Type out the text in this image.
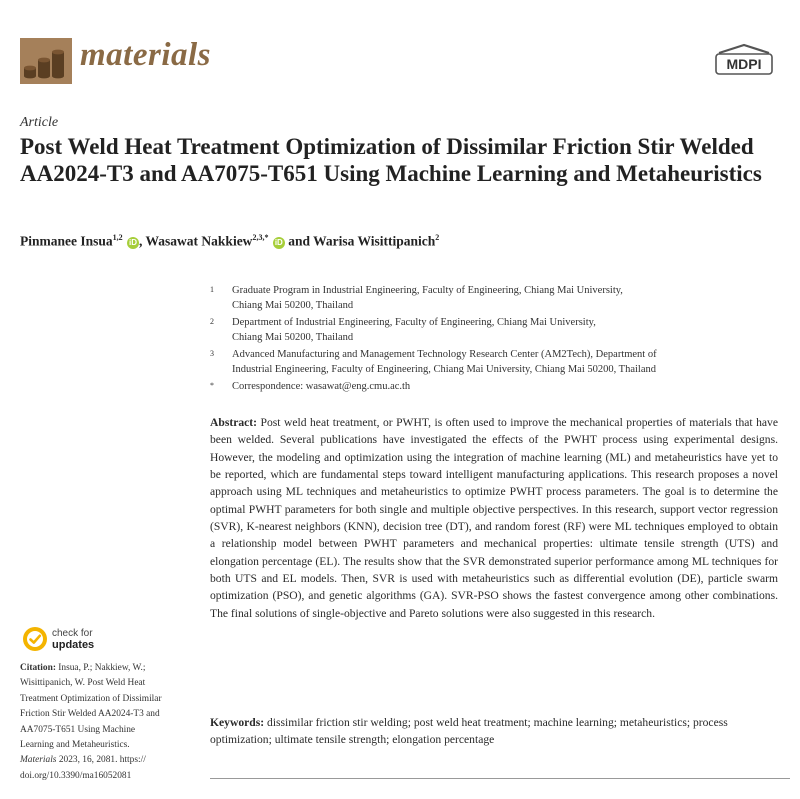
materials	MDPI
Article
Post Weld Heat Treatment Optimization of Dissimilar Friction Stir Welded AA2024-T3 and AA7075-T651 Using Machine Learning and Metaheuristics
Pinmanee Insua$^{1,2}$ iD , Wasawat Nakkiew$^{2,3,*}$ iD and Warisa Wisittipanich$^2$
1 Graduate Program in Industrial Engineering, Faculty of Engineering, Chiang Mai University,
Chiang Mai 50200, Thailand
2 Department of Industrial Engineering, Faculty of Engineering, Chiang Mai University,
Chiang Mai 50200, Thailand
3 Advanced Manufacturing and Management Technology Research Center (AM2Tech), Department of
Industrial Engineering, Faculty of Engineering, Chiang Mai University, Chiang Mai 50200, Thailand
* Correspondence: wasawat@eng.cmu.ac.th
Abstract: Post weld heat treatment, or PWHT, is often used to improve the mechanical properties of materials that have been welded. Several publications have investigated the effects of the PWHT process using experimental designs. However, the modeling and optimization using the integration of machine learning (ML) and metaheuristics have yet to be reported, which are fundamental steps toward intelligent manufacturing applications. This research proposes a novel approach using ML techniques and metaheuristics to optimize PWHT process parameters. The goal is to determine the optimal PWHT parameters for both single and multiple objective perspectives. In this research, support vector regression (SVR), K-nearest neighbors (KNN), decision tree (DT), and random forest (RF) were ML techniques employed to obtain a relationship model between PWHT parameters and mechanical properties: ultimate tensile strength (UTS) and elongation percentage (EL). The results show that the SVR demonstrated superior performance among ML techniques for both UTS and EL models. Then, SVR is used with metaheuristics such as differential evolution (DE), particle swarm optimization (PSO), and genetic algorithms (GA). SVR-PSO shows the fastest convergence among other combinations. The final solutions of single-objective and Pareto solutions were also suggested in this research.
Keywords: dissimilar friction stir welding; post weld heat treatment; machine learning; metaheuristics; process optimization; ultimate tensile strength; elongation percentage
check for
updates
Citation: Insua, P.; Nakkiew, W.;
Wisittipanich, W. Post Weld Heat
Treatment Optimization of Dissimilar
Friction Stir Welded AA2024-T3 and
AA7075-T651 Using Machine
Learning and Metaheuristics.
Materials 2023, 16, 2081. https://
doi.org/10.3390/ma16052081
